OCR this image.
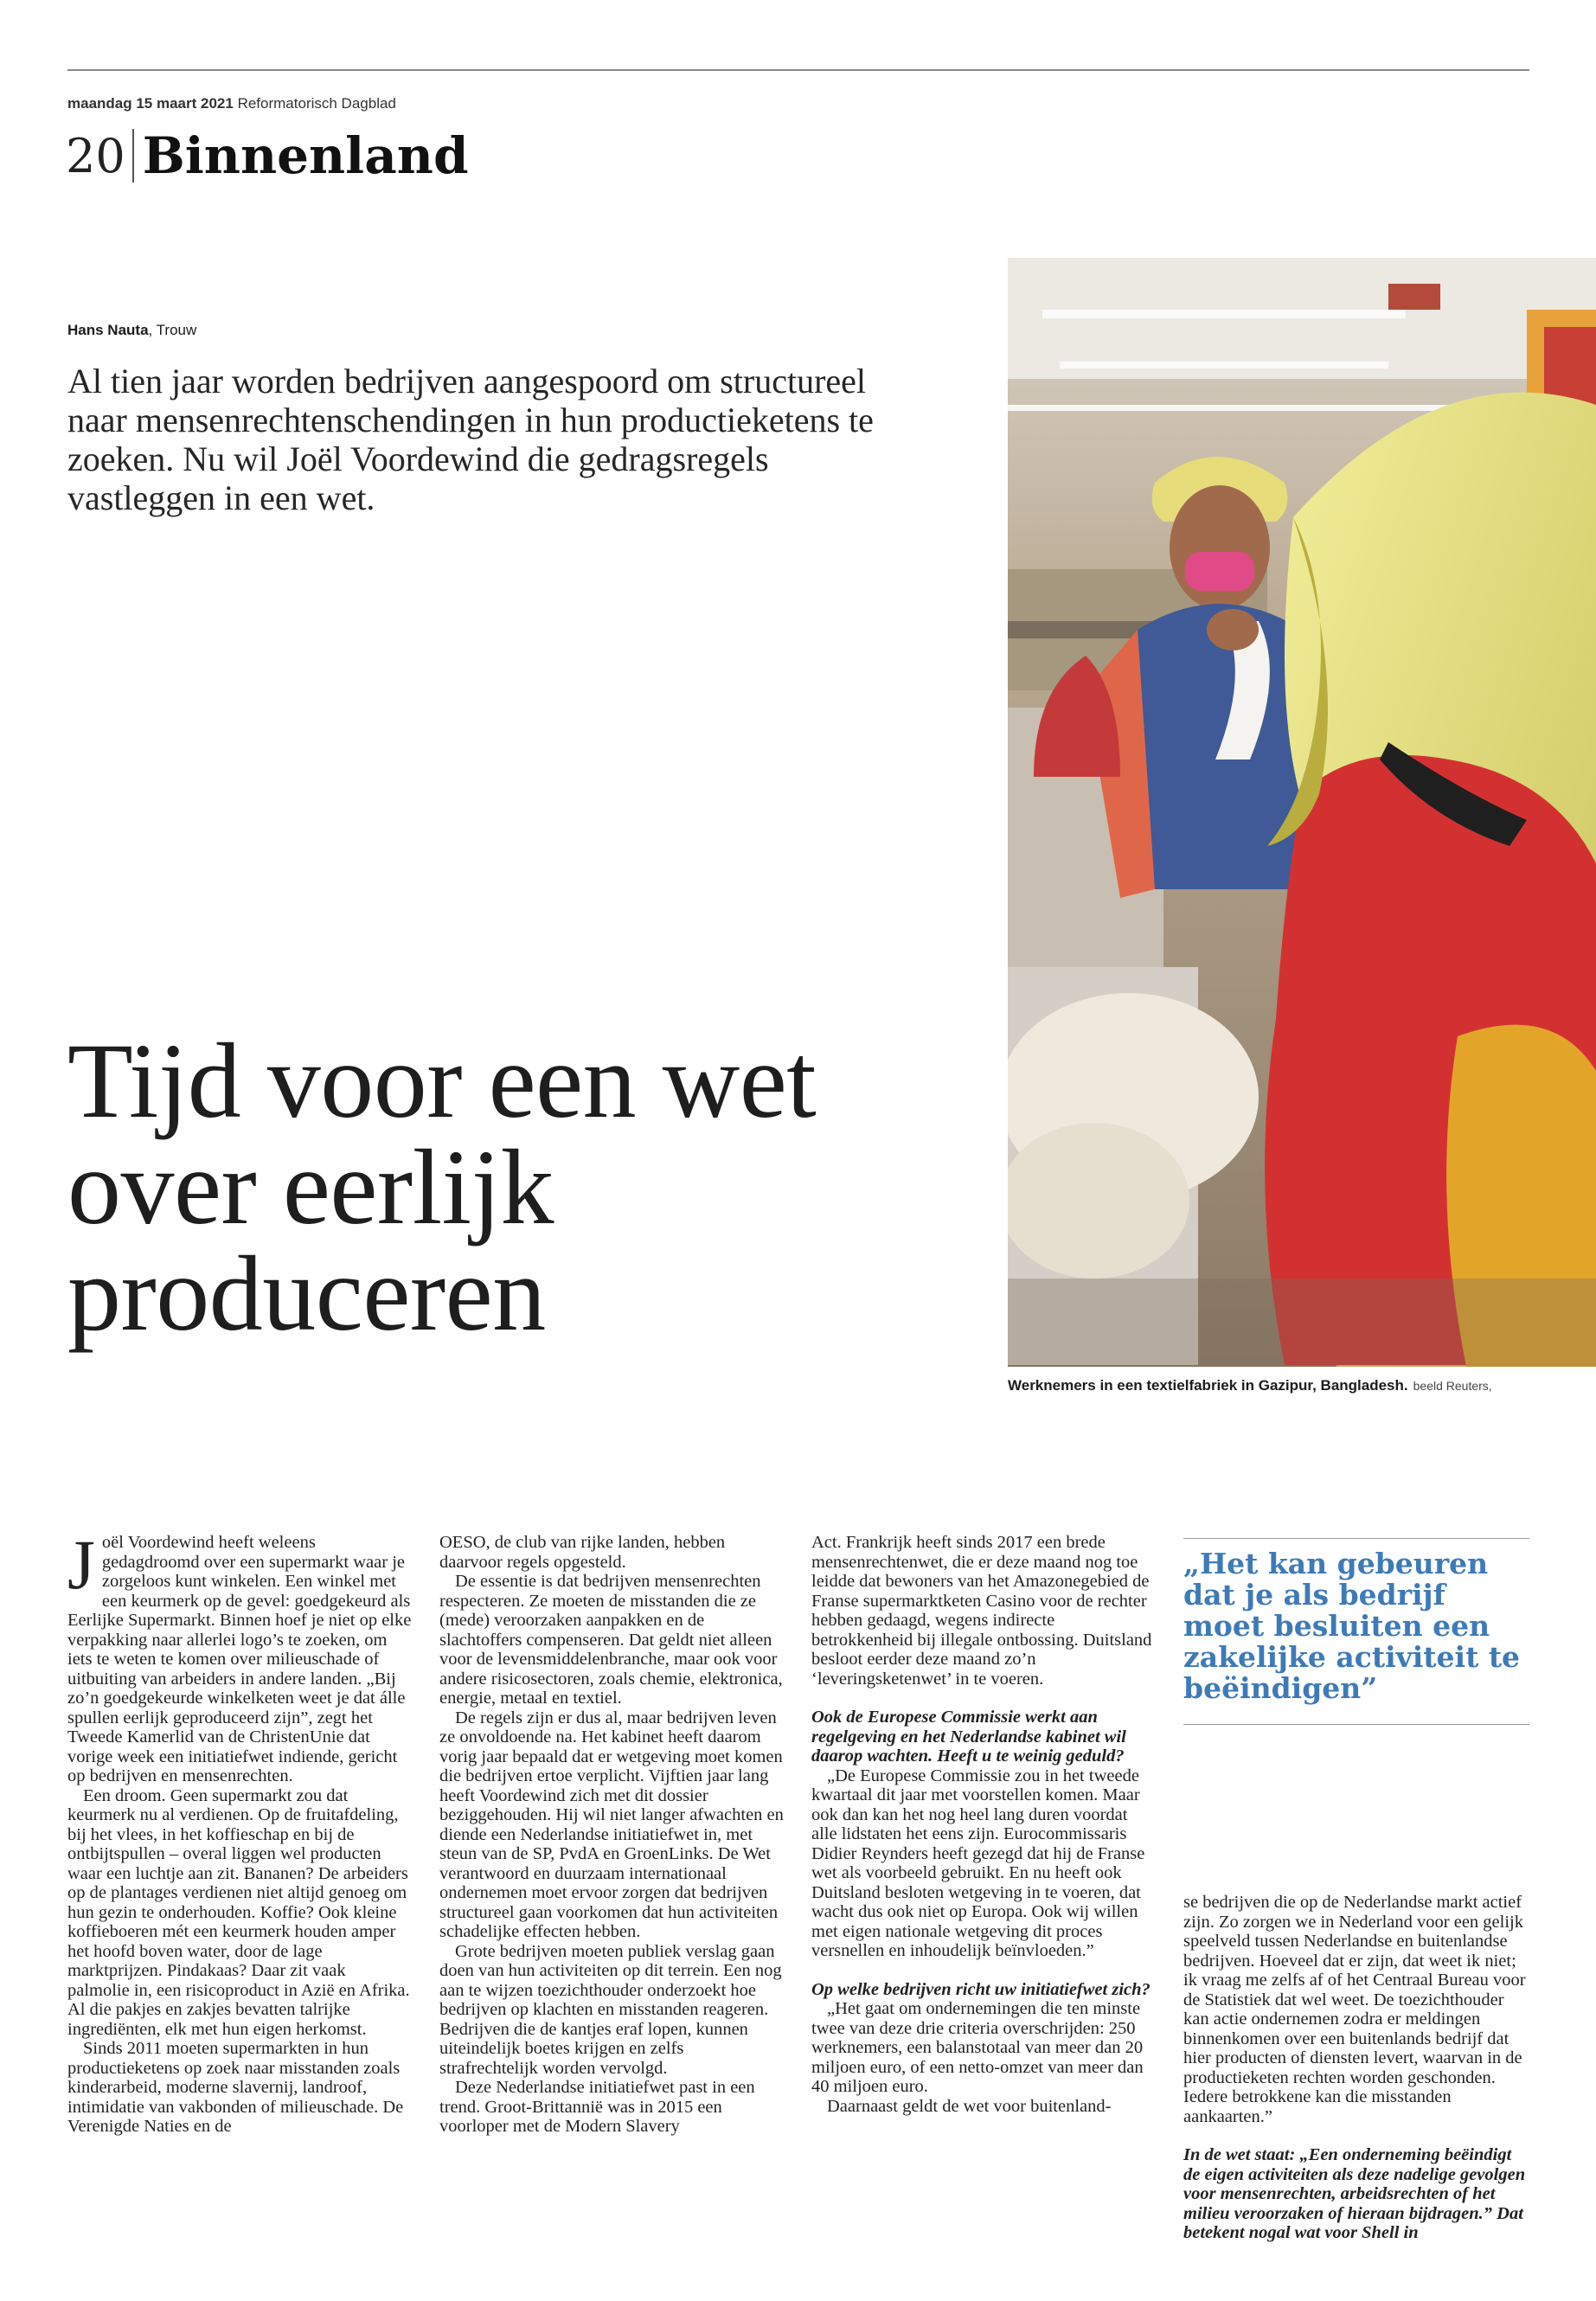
maandag 15 maart 2021 Reformatorisch Dagblad
20 Binnenland
Hans Nauta, Trouw
Al tien jaar worden bedrijven aangespoord om structureel naar mensenrechtenschendingen in hun productieketens te zoeken. Nu wil Joël Voordewind die gedragsregels vastleggen in een wet.
Tijd voor een wet over eerlijk produceren
Werknemers in een textielfabriek in Gazipur, Bangladesh. beeld Reuters,

Joël Voordewind heeft weleens gedagdroomd over een supermarkt waar je zorgeloos kunt winkelen. Een winkel met een keurmerk op de gevel: goedgekeurd als Eerlijke Supermarkt. Binnen hoef je niet op elke verpakking naar allerlei logo’s te zoeken, om iets te weten te komen over milieuschade of uitbuiting van arbeiders in andere landen. „Bij zo’n goedgekeurde winkelketen weet je dat álle spullen eerlijk geproduceerd zijn”, zegt het Tweede Kamerlid van de ChristenUnie dat vorige week een initiatiefwet indiende, gericht op bedrijven en mensenrechten.

Een droom. Geen supermarkt zou dat keurmerk nu al verdienen. Op de fruitafdeling, bij het vlees, in het koffieschap en bij de ontbijtspullen – overal liggen wel producten waar een luchtje aan zit. Bananen? De arbeiders op de plantages verdienen niet altijd genoeg om hun gezin te onderhouden. Koffie? Ook kleine koffieboeren mét een keurmerk houden amper het hoofd boven water, door de lage marktprijzen. Pindakaas? Daar zit vaak palmolie in, een risicoproduct in Azië en Afrika. Al die pakjes en zakjes bevatten talrijke ingrediënten, elk met hun eigen herkomst.

Sinds 2011 moeten supermarkten in hun productieketens op zoek naar misstanden zoals kinderarbeid, moderne slavernij, landroof, intimidatie van vakbonden of milieuschade. De Verenigde Naties en de

OESO, de club van rijke landen, hebben daarvoor regels opgesteld.

De essentie is dat bedrijven mensenrechten respecteren. Ze moeten de misstanden die ze (mede) veroorzaken aanpakken en de slachtoffers compenseren. Dat geldt niet alleen voor de levensmiddelenbranche, maar ook voor andere risicosectoren, zoals chemie, elektronica, energie, metaal en textiel.

De regels zijn er dus al, maar bedrijven leven ze onvoldoende na. Het kabinet heeft daarom vorig jaar bepaald dat er wetgeving moet komen die bedrijven ertoe verplicht. Vijftien jaar lang heeft Voordewind zich met dit dossier beziggehouden. Hij wil niet langer afwachten en diende een Nederlandse initiatiefwet in, met steun van de SP, PvdA en GroenLinks. De Wet verantwoord en duurzaam internationaal ondernemen moet ervoor zorgen dat bedrijven structureel gaan voorkomen dat hun activiteiten schadelijke effecten hebben.

Grote bedrijven moeten publiek verslag gaan doen van hun activiteiten op dit terrein. Een nog aan te wijzen toezichthouder onderzoekt hoe bedrijven op klachten en misstanden reageren. Bedrijven die de kantjes eraf lopen, kunnen uiteindelijk boetes krijgen en zelfs strafrechtelijk worden vervolgd.

Deze Nederlandse initiatiefwet past in een trend. Groot-Brittannië was in 2015 een voorloper met de Modern Slavery

Act. Frankrijk heeft sinds 2017 een brede mensenrechtenwet, die er deze maand nog toe leidde dat bewoners van het Amazonegebied de Franse supermarktketen Casino voor de rechter hebben gedaagd, wegens indirecte betrokkenheid bij illegale ontbossing. Duitsland besloot eerder deze maand zo’n ‘leveringsketenwet’ in te voeren.

Ook de Europese Commissie werkt aan regelgeving en het Nederlandse kabinet wil daarop wachten. Heeft u te weinig geduld?

„De Europese Commissie zou in het tweede kwartaal dit jaar met voorstellen komen. Maar ook dan kan het nog heel lang duren voordat alle lidstaten het eens zijn. Eurocommissaris Didier Reynders heeft gezegd dat hij de Franse wet als voorbeeld gebruikt. En nu heeft ook Duitsland besloten wetgeving in te voeren, dat wacht dus ook niet op Europa. Ook wij willen met eigen nationale wetgeving dit proces versnellen en inhoudelijk beïnvloeden.”

Op welke bedrijven richt uw initiatiefwet zich?

„Het gaat om ondernemingen die ten minste twee van deze drie criteria overschrijden: 250 werknemers, een balanstotaal van meer dan 20 miljoen euro, of een netto-omzet van meer dan 40 miljoen euro.

Daarnaast geldt de wet voor buitenland-

„Het kan gebeuren dat je als bedrijf moet besluiten een zakelijke activiteit te beëindigen”

se bedrijven die op de Nederlandse markt actief zijn. Zo zorgen we in Nederland voor een gelijk speelveld tussen Nederlandse en buitenlandse bedrijven. Hoeveel dat er zijn, dat weet ik niet; ik vraag me zelfs af of het Centraal Bureau voor de Statistiek dat wel weet. De toezichthouder kan actie ondernemen zodra er meldingen binnenkomen over een buitenlands bedrijf dat hier producten of diensten levert, waarvan in de productieketen rechten worden geschonden. Iedere betrokkene kan die misstanden aankaarten.”

In de wet staat: „Een onderneming beëindigt de eigen activiteiten als deze nadelige gevolgen voor mensenrechten, arbeidsrechten of het milieu veroorzaken of hieraan bijdragen.” Dat betekent nogal wat voor Shell in
